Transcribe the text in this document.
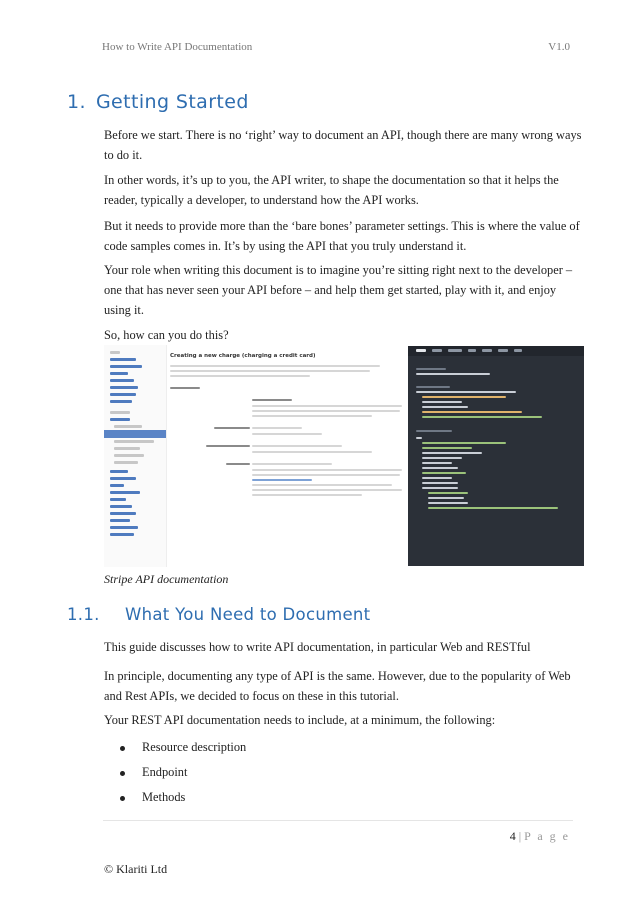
How to Write API Documentation	V1.0
1. Getting Started
Before we start. There is no ‘right’ way to document an API, though there are many wrong ways to do it.
In other words, it’s up to you, the API writer, to shape the documentation so that it helps the reader, typically a developer, to understand how the API works.
But it needs to provide more than the ‘bare bones’ parameter settings. This is where the value of code samples comes in. It’s by using the API that you truly understand it.
Your role when writing this document is to imagine you’re sitting right next to the developer – one that has never seen your API before – and help them get started, play with it, and enjoy using it.
So, how can you do this?
Creating a new charge (charging a credit card)
Stripe API documentation
1.1. What You Need to Document
This guide discusses how to write API documentation, in particular Web and RESTful
In principle, documenting any type of API is the same. However, due to the popularity of Web and Rest APIs, we decided to focus on these in this tutorial.
Your REST API documentation needs to include, at a minimum, the following:
Resource description
Endpoint
Methods
4 | P a g e
© Klariti Ltd
